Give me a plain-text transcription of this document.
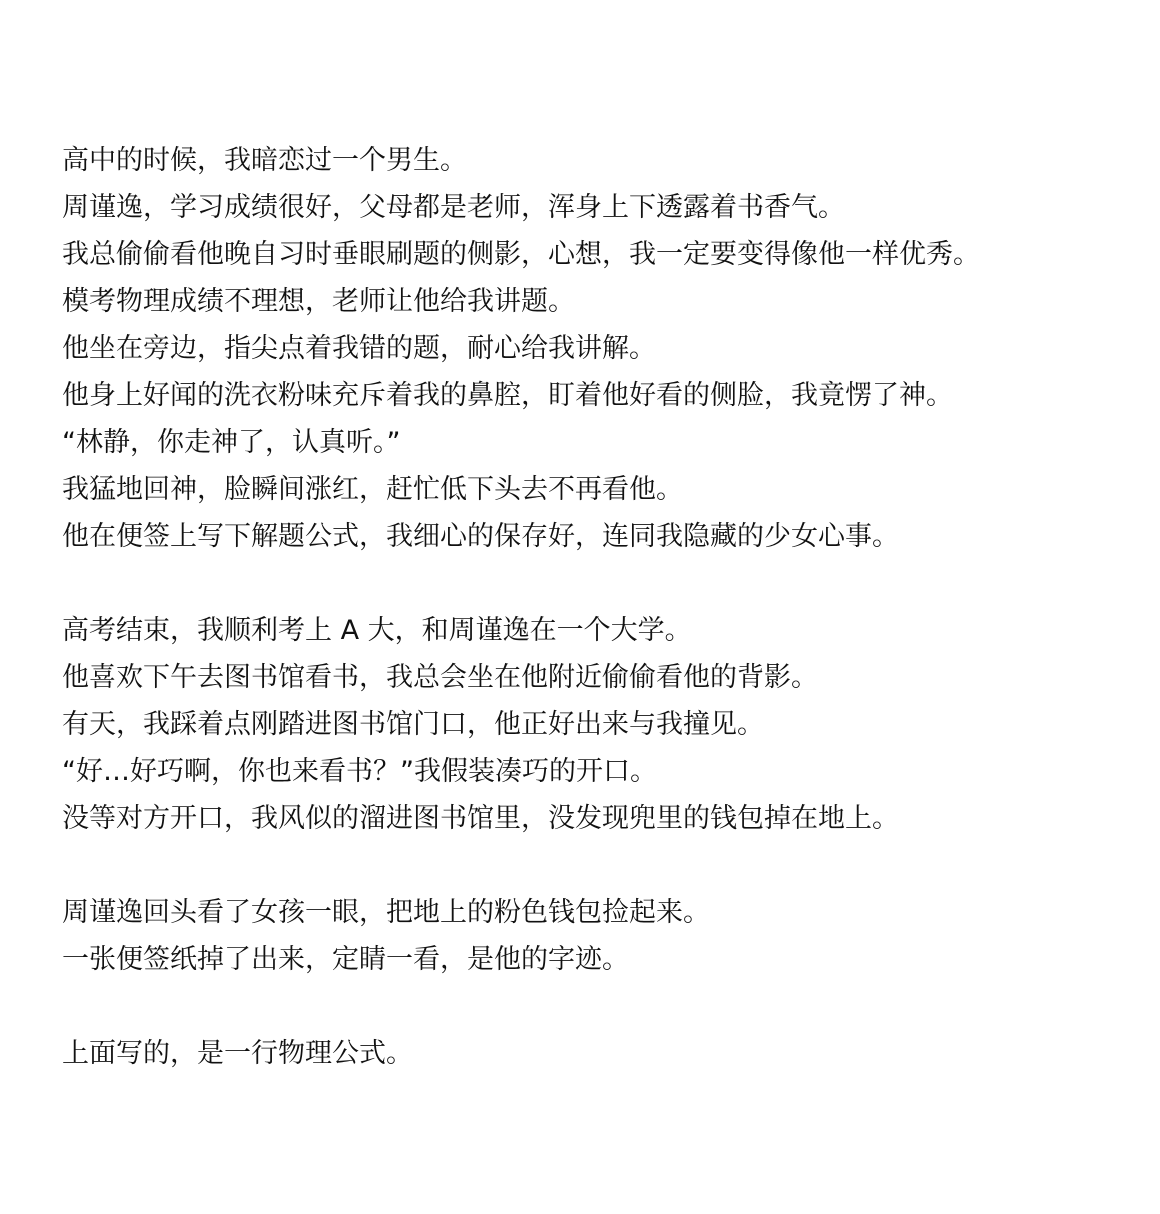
高中的时候，我暗恋过一个男生。
周谨逸，学习成绩很好，父母都是老师，浑身上下透露着书香气。
我总偷偷看他晚自习时垂眼刷题的侧影，心想，我一定要变得像他一样优秀。
模考物理成绩不理想，老师让他给我讲题。
他坐在旁边，指尖点着我错的题，耐心给我讲解。
他身上好闻的洗衣粉味充斥着我的鼻腔，盯着他好看的侧脸，我竟愣了神。
“林静，你走神了，认真听。”
我猛地回神，脸瞬间涨红，赶忙低下头去不再看他。
他在便签上写下解题公式，我细心的保存好，连同我隐藏的少女心事。
高考结束，我顺利考上 A 大，和周谨逸在一个大学。
他喜欢下午去图书馆看书，我总会坐在他附近偷偷看他的背影。
有天，我踩着点刚踏进图书馆门口，他正好出来与我撞见。
“好…好巧啊，你也来看书？”我假装凑巧的开口。
没等对方开口，我风似的溜进图书馆里，没发现兜里的钱包掉在地上。
周谨逸回头看了女孩一眼，把地上的粉色钱包捡起来。
一张便签纸掉了出来，定睛一看，是他的字迹。
上面写的，是一行物理公式。
